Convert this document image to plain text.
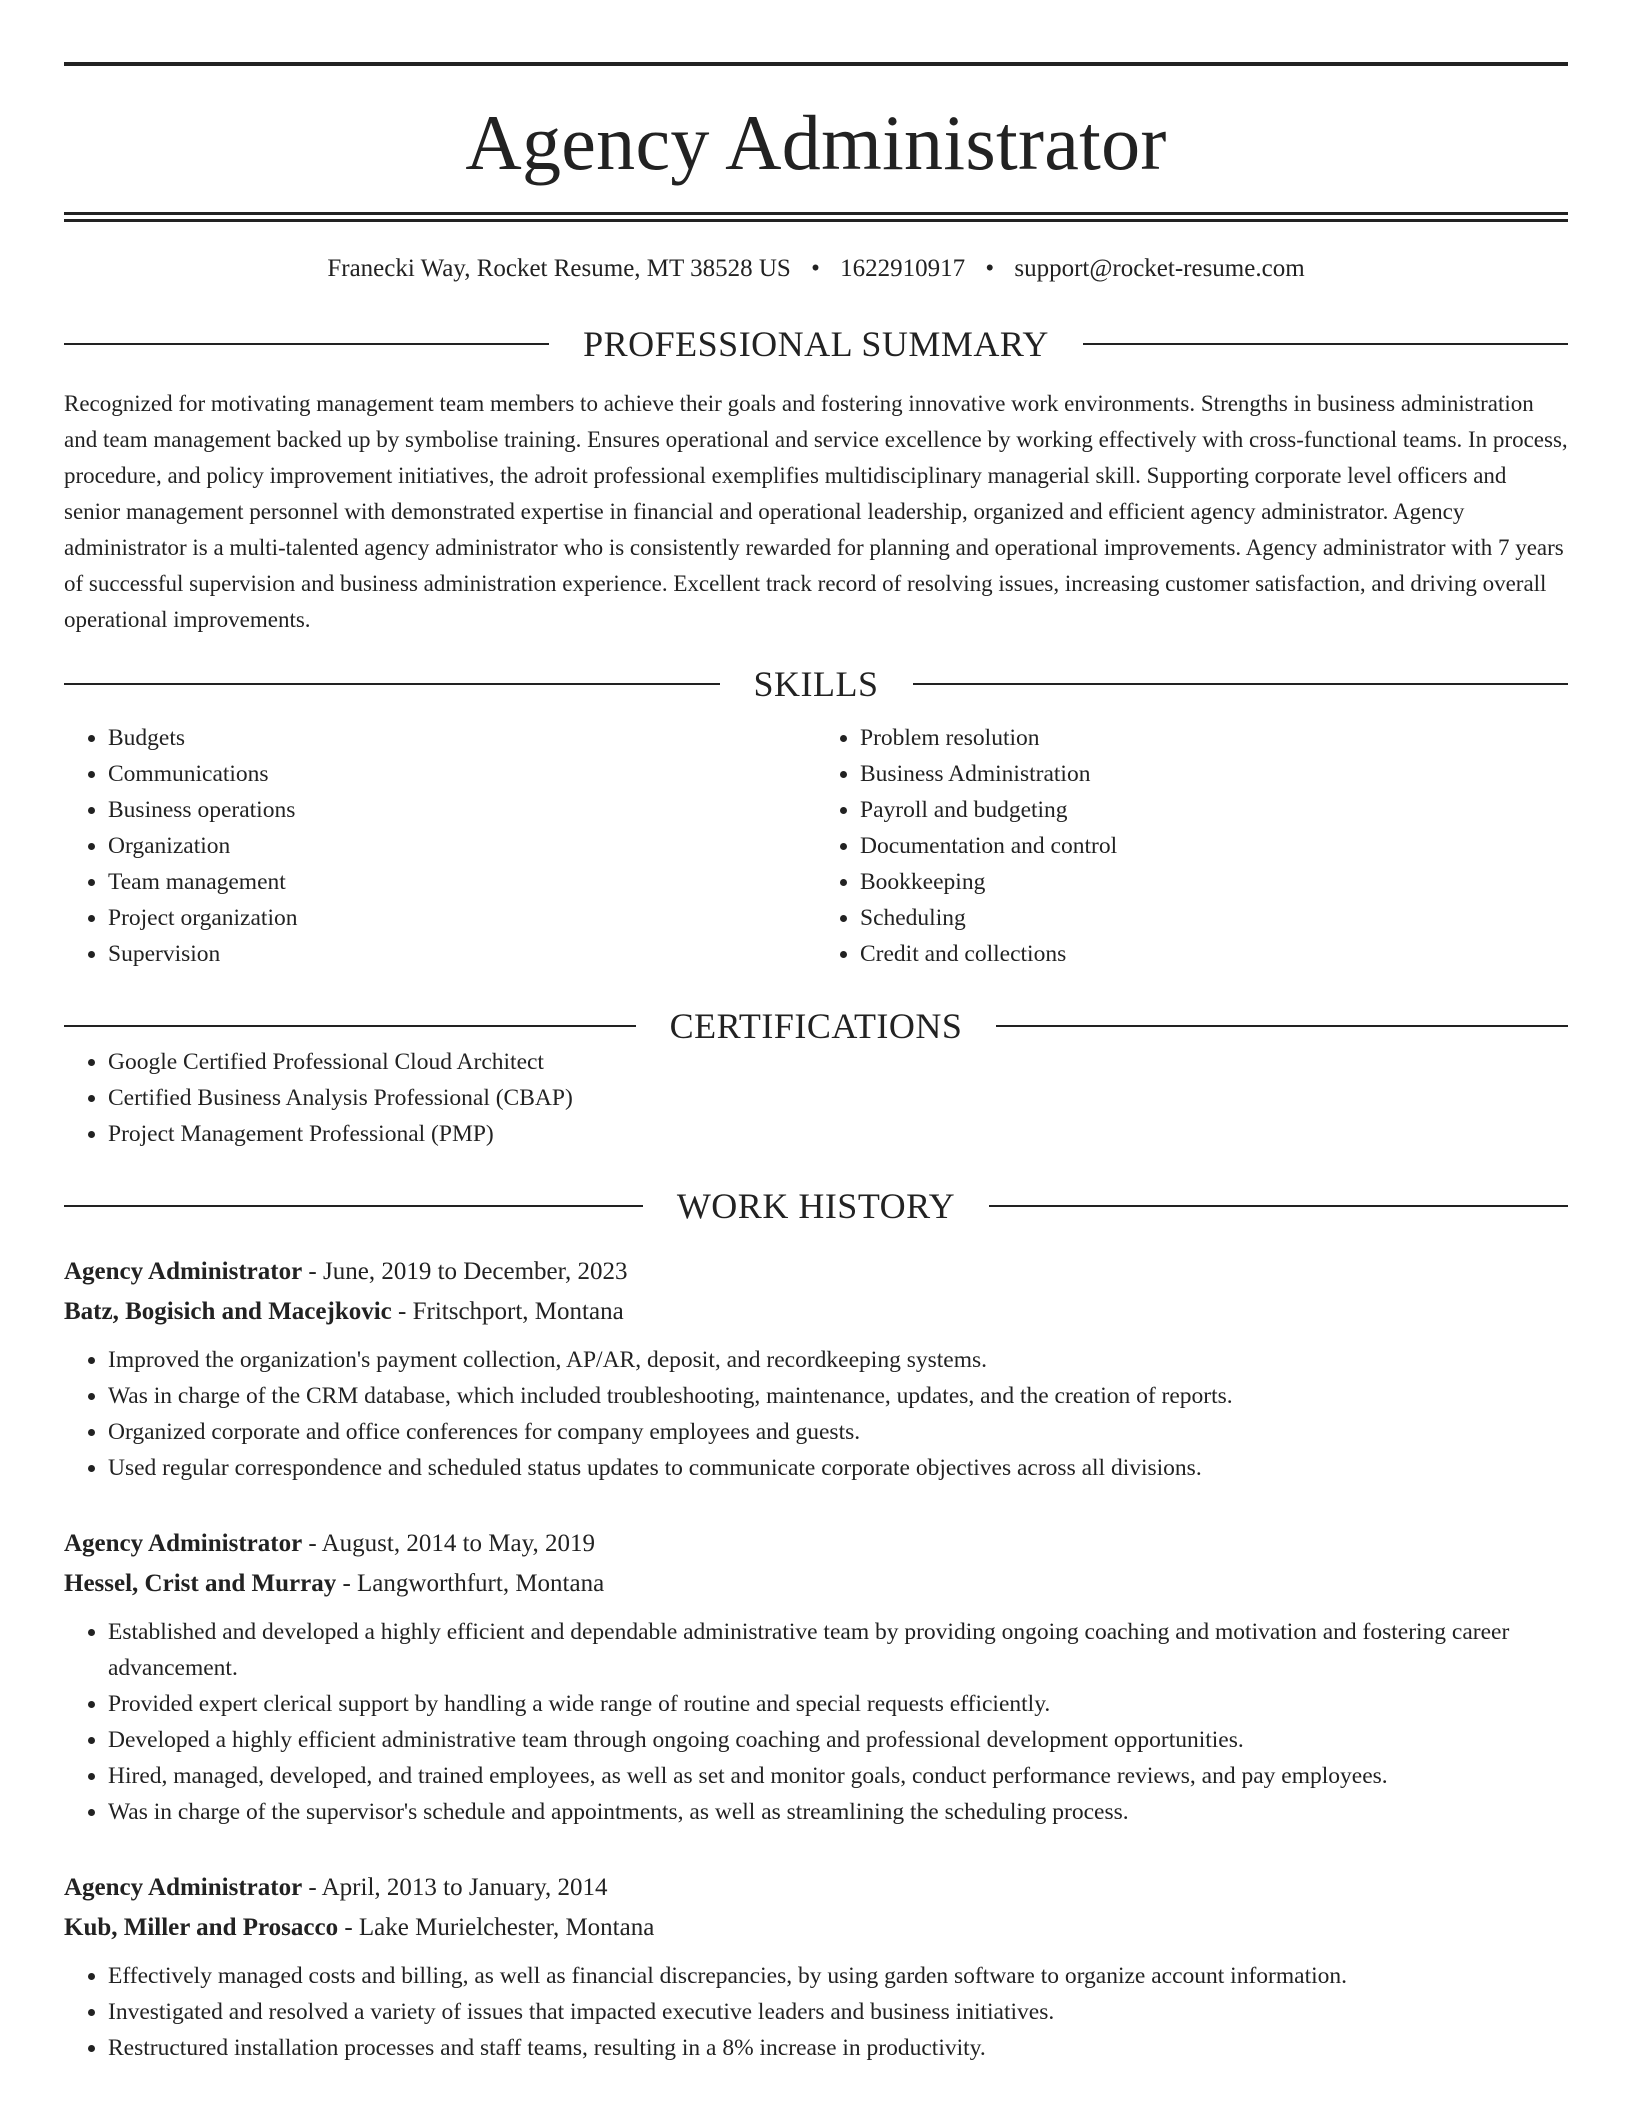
Agency Administrator
Franecki Way, Rocket Resume, MT 38528 US • 1622910917 • support@rocket-resume.com
PROFESSIONAL SUMMARY

Recognized for motivating management team members to achieve their goals and fostering innovative work environments. Strengths in business administration and team management backed up by symbolise training. Ensures operational and service excellence by working effectively with cross-functional teams. In process, procedure, and policy improvement initiatives, the adroit professional exemplifies multidisciplinary managerial skill. Supporting corporate level officers and senior management personnel with demonstrated expertise in financial and operational leadership, organized and efficient agency administrator. Agency administrator is a multi-talented agency administrator who is consistently rewarded for planning and operational improvements. Agency administrator with 7 years of successful supervision and business administration experience. Excellent track record of resolving issues, increasing customer satisfaction, and driving overall operational improvements.

SKILLS
• Budgets
• Communications
• Business operations
• Organization
• Team management
• Project organization
• Supervision
• Problem resolution
• Business Administration
• Payroll and budgeting
• Documentation and control
• Bookkeeping
• Scheduling
• Credit and collections
CERTIFICATIONS
• Google Certified Professional Cloud Architect
• Certified Business Analysis Professional (CBAP)
• Project Management Professional (PMP)
WORK HISTORY
Agency Administrator - June, 2019 to December, 2023
Batz, Bogisich and Macejkovic - Fritschport, Montana
• Improved the organization's payment collection, AP/AR, deposit, and recordkeeping systems.
• Was in charge of the CRM database, which included troubleshooting, maintenance, updates, and the creation of reports.
• Organized corporate and office conferences for company employees and guests.
• Used regular correspondence and scheduled status updates to communicate corporate objectives across all divisions.
Agency Administrator - August, 2014 to May, 2019
Hessel, Crist and Murray - Langworthfurt, Montana
• Established and developed a highly efficient and dependable administrative team by providing ongoing coaching and motivation and fostering career advancement.
• Provided expert clerical support by handling a wide range of routine and special requests efficiently.
• Developed a highly efficient administrative team through ongoing coaching and professional development opportunities.
• Hired, managed, developed, and trained employees, as well as set and monitor goals, conduct performance reviews, and pay employees.
• Was in charge of the supervisor's schedule and appointments, as well as streamlining the scheduling process.
Agency Administrator - April, 2013 to January, 2014
Kub, Miller and Prosacco - Lake Murielchester, Montana
• Effectively managed costs and billing, as well as financial discrepancies, by using garden software to organize account information.
• Investigated and resolved a variety of issues that impacted executive leaders and business initiatives.
• Restructured installation processes and staff teams, resulting in a 8% increase in productivity.
